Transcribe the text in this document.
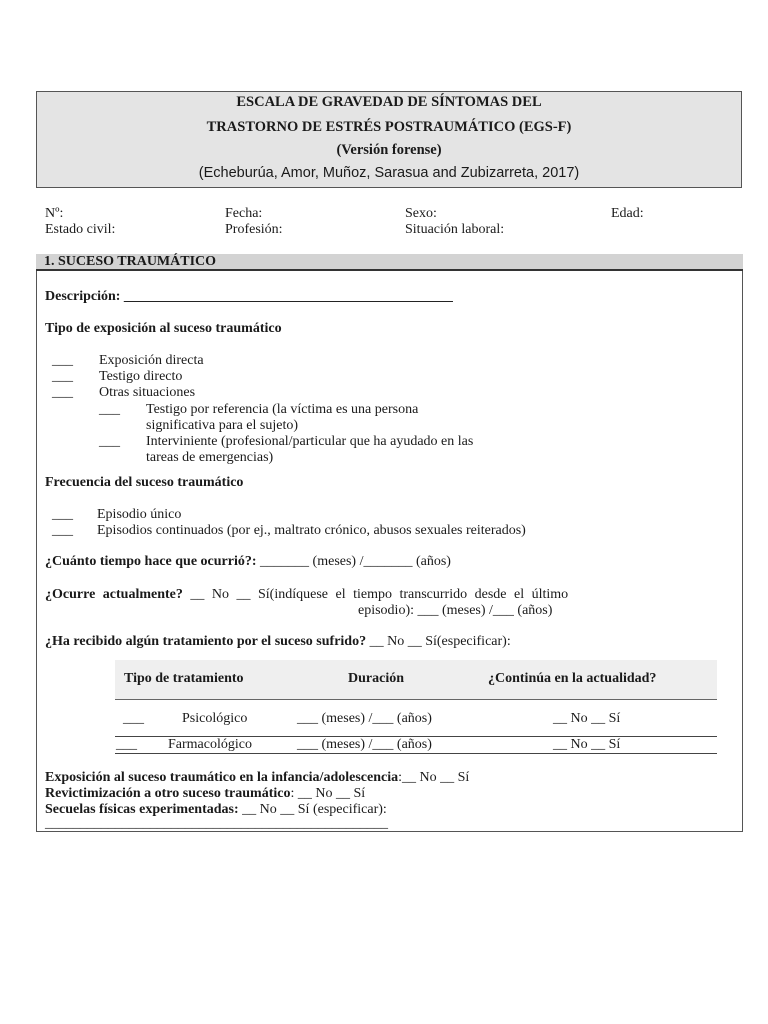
ESCALA DE GRAVEDAD DE SÍNTOMAS DEL
TRASTORNO DE ESTRÉS POSTRAUMÁTICO (EGS-F)
(Versión forense)
(Echeburúa, Amor, Muñoz, Sarasua and Zubizarreta, 2017)
Nº:	Fecha:	Sexo:	Edad:
Estado civil:	Profesión:	Situación laboral:
1. SUCESO TRAUMÁTICO
Descripción: _______________________________________________
Tipo de exposición al suceso traumático
___ Exposición directa
___ Testigo directo
___ Otras situaciones
___ Testigo por referencia (la víctima es una persona
significativa para el sujeto)
___ Interviniente (profesional/particular que ha ayudado en las
tareas de emergencias)
Frecuencia del suceso traumático
___ Episodio único
___ Episodios continuados (por ej., maltrato crónico, abusos sexuales reiterados)
¿Cuánto tiempo hace que ocurrió?: _______ (meses) /_______ (años)
¿Ocurre actualmente? __ No __ Sí(indíquese el tiempo transcurrido desde el último
episodio): ___ (meses) /___ (años)
¿Ha recibido algún tratamiento por el suceso sufrido? __ No __ Sí(especificar):
Tipo de tratamiento	Duración	¿Continúa en la actualidad?
___	Psicológico	___ (meses) /___ (años)	__ No __ Sí
___ Farmacológico	___ (meses) /___ (años)	__ No __ Sí
Exposición al suceso traumático en la infancia/adolescencia:__ No __ Sí
Revictimización a otro suceso traumático: __ No __ Sí
Secuelas físicas experimentadas: __ No __ Sí (especificar):
_________________________________________________
